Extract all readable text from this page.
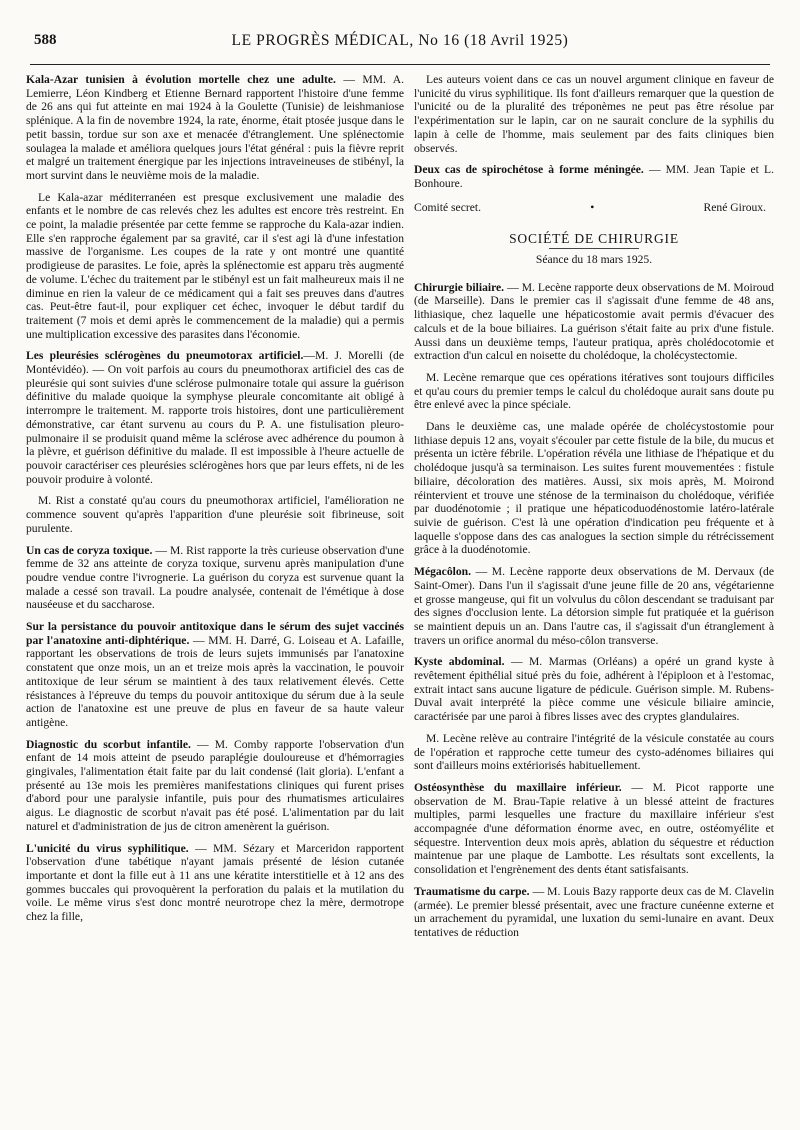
588	LE PROGRÈS MÉDICAL, No 16 (18 Avril 1925)

Kala-Azar tunisien à évolution mortelle chez une adulte. — MM. A. Lemierre, Léon Kindberg et Etienne Bernard rapportent l'histoire d'une femme de 26 ans qui fut atteinte en mai 1924 à la Goulette (Tunisie) de leishmaniose splénique. A la fin de novembre 1924, la rate, énorme, était ptosée jusque dans le petit bassin, tordue sur son axe et menacée d'étranglement. Une splénectomie soulagea la malade et améliora quelques jours l'état général : puis la fièvre reprit et malgré un traitement énergique par les injections intraveineuses de stibényl, la mort survint dans le neuvième mois de la maladie.

Le Kala-azar méditerranéen est presque exclusivement une maladie des enfants et le nombre de cas relevés chez les adultes est encore très restreint. En ce point, la maladie présentée par cette femme se rapproche du Kala-azar indien. Elle s'en rapproche également par sa gravité, car il s'est agi là d'une infestation massive de l'organisme. Les coupes de la rate y ont montré une quantité prodigieuse de parasites. Le foie, après la splénectomie est apparu très augmenté de volume. L'échec du traitement par le stibényl est un fait malheureux mais il ne diminue en rien la valeur de ce médicament qui a fait ses preuves dans d'autres cas. Peut-être faut-il, pour expliquer cet échec, invoquer le début tardif du traitement (7 mois et demi après le commencement de la maladie) qui a permis une multiplication excessive des parasites dans l'économie.

Les pleurésies sclérogènes du pneumotorax artificiel.—M. J. Morelli (de Montévidéo). — On voit parfois au cours du pneumothorax artificiel des cas de pleurésie qui sont suivies d'une sclérose pulmonaire totale qui assure la guérison définitive du malade quoique la symphyse pleurale concomitante ait obligé à interrompre le traitement. M. rapporte trois histoires, dont une particulièrement démonstrative, car étant survenu au cours du P. A. une fistulisation pleuro-pulmonaire il se produisit quand même la sclérose avec adhérence du poumon à la plèvre, et guérison définitive du malade. Il est impossible à l'heure actuelle de pouvoir caractériser ces pleurésies sclérogènes hors que par leurs effets, ni de les pouvoir produire à volonté.

M. Rist a constaté qu'au cours du pneumothorax artificiel, l'amélioration ne commence souvent qu'après l'apparition d'une pleurésie soit fibrineuse, soit purulente.

Un cas de coryza toxique. — M. Rist rapporte la très curieuse observation d'une femme de 32 ans atteinte de coryza toxique, survenu après manipulation d'une poudre vendue contre l'ivrognerie. La guérison du coryza est survenue quant la malade a cessé son travail. La poudre analysée, contenait de l'émétique à dose nauséeuse et du saccharose.

Sur la persistance du pouvoir antitoxique dans le sérum des sujet vaccinés par l'anatoxine anti-diphtérique. — MM. H. Darré, G. Loiseau et A. Lafaille, rapportant les observations de trois de leurs sujets immunisés par l'anatoxine constatent que onze mois, un an et treize mois après la vaccination, le pouvoir antitoxique de leur sérum se maintient à des taux relativement élevés. Cette résistances à l'épreuve du temps du pouvoir antitoxique du sérum due à la seule action de l'anatoxine est une preuve de plus en faveur de sa haute valeur antigène.

Diagnostic du scorbut infantile. — M. Comby rapporte l'observation d'un enfant de 14 mois atteint de pseudo paraplégie douloureuse et d'hémorragies gingivales, l'alimentation était faite par du lait condensé (lait gloria). L'enfant a présenté au 13e mois les premières manifestations cliniques qui furent prises d'abord pour une paralysie infantile, puis pour des rhumatismes articulaires aigus. Le diagnostic de scorbut n'avait pas été posé. L'alimentation par du lait naturel et d'administration de jus de citron amenèrent la guérison.

L'unicité du virus syphilitique. — MM. Sézary et Marceridon rapportent l'observation d'une tabétique n'ayant jamais présenté de lésion cutanée importante et dont la fille eut à 11 ans une kératite interstitielle et à 12 ans des gommes buccales qui provoquèrent la perforation du palais et la mutilation du voile. Le même virus s'est donc montré neurotrope chez la mère, dermotrope chez la fille,

Les auteurs voient dans ce cas un nouvel argument clinique en faveur de l'unicité du virus syphilitique. Ils font d'ailleurs remarquer que la question de l'unicité ou de la pluralité des tréponèmes ne peut pas être résolue par l'expérimentation sur le lapin, car on ne saurait conclure de la syphilis du lapin à celle de l'homme, mais seulement par des faits cliniques bien observés.

Deux cas de spirochétose à forme méningée. — MM. Jean Tapie et L. Bonhoure.

Comité secret.	•	René Giroux.
SOCIÉTÉ DE CHIRURGIE
Séance du 18 mars 1925.

Chirurgie biliaire. — M. Lecène rapporte deux observations de M. Moiroud (de Marseille). Dans le premier cas il s'agissait d'une femme de 48 ans, lithiasique, chez laquelle une hépaticostomie avait permis d'évacuer des calculs et de la boue biliaires. La guérison s'était faite au prix d'une fistule. Aussi dans un deuxième temps, l'auteur pratiqua, après cholédocotomie et extraction d'un calcul en noisette du cholédoque, la cholécystectomie.

M. Lecène remarque que ces opérations itératives sont toujours difficiles et qu'au cours du premier temps le calcul du cholédoque aurait sans doute pu être enlevé avec la pince spéciale.

Dans le deuxième cas, une malade opérée de cholécystostomie pour lithiase depuis 12 ans, voyait s'écouler par cette fistule de la bile, du mucus et présenta un ictère fébrile. L'opération révéla une lithiase de l'hépatique et du cholédoque jusqu'à sa terminaison. Les suites furent mouvementées : fistule biliaire, décoloration des matières. Aussi, six mois après, M. Moirond réintervient et trouve une sténose de la terminaison du cholédoque, vérifiée par duodénotomie ; il pratique une hépaticoduodénostomie latéro-latérale suivie de guérison. C'est là une opération d'indication peu fréquente et à laquelle s'oppose dans des cas analogues la section simple du rétrécissement grâce à la duodénotomie.

Mégacôlon. — M. Lecène rapporte deux observations de M. Dervaux (de Saint-Omer). Dans l'un il s'agissait d'une jeune fille de 20 ans, végétarienne et grosse mangeuse, qui fit un volvulus du côlon descendant se traduisant par des signes d'occlusion lente. La détorsion simple fut pratiquée et la guérison se maintient depuis un an. Dans l'autre cas, il s'agissait d'un étranglement à travers un orifice anormal du méso-côlon transverse.

Kyste abdominal. — M. Marmas (Orléans) a opéré un grand kyste à revêtement épithélial situé près du foie, adhérent à l'épiploon et à l'estomac, extrait intact sans aucune ligature de pédicule. Guérison simple. M. Rubens-Duval avait interprété la pièce comme une vésicule biliaire amincie, caractérisée par une paroi à fibres lisses avec des cryptes glandulaires.

M. Lecène relève au contraire l'intégrité de la vésicule constatée au cours de l'opération et rapproche cette tumeur des cysto-adénomes biliaires qui sont d'ailleurs moins extériorisés habituellement.

Ostéosynthèse du maxillaire inférieur. — M. Picot rapporte une observation de M. Brau-Tapie relative à un blessé atteint de fractures multiples, parmi lesquelles une fracture du maxillaire inférieur s'est accompagnée d'une déformation énorme avec, en outre, ostéomyélite et séquestre. Intervention deux mois après, ablation du séquestre et réduction maintenue par une plaque de Lambotte. Les résultats sont excellents, la consolidation et l'engrènement des dents étant satisfaisants.

Traumatisme du carpe. — M. Louis Bazy rapporte deux cas de M. Clavelin (armée). Le premier blessé présentait, avec une fracture cunéenne externe et un arrachement du pyramidal, une luxation du semi-lunaire en avant. Deux tentatives de réduction
